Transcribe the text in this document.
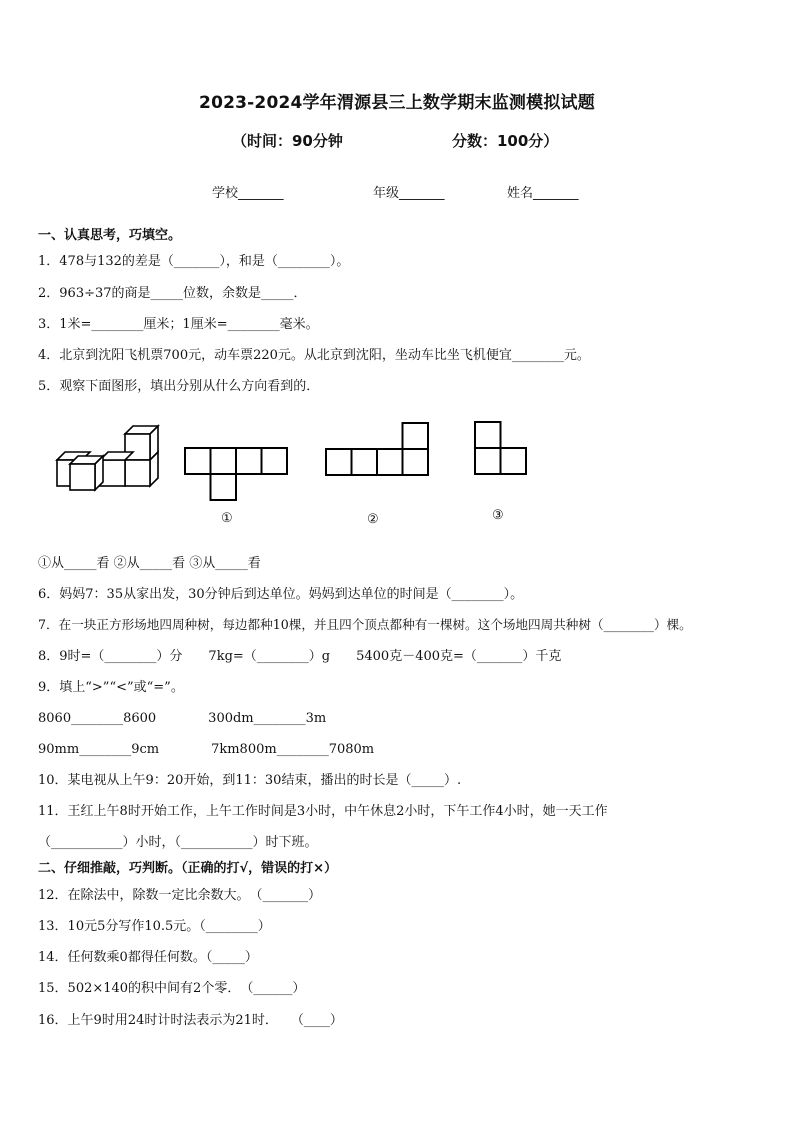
2023-2024学年渭源县三上数学期末监测模拟试题
（时间：90分钟	分数：100分）
学校_______	年级_______	姓名_______
一、认真思考，巧填空。
1．478与132的差是（_______），和是（________）。
2．963÷37的商是_____位数，余数是_____．
3．1米=________厘米；1厘米=________毫米。
4．北京到沈阳飞机票700元，动车票220元。从北京到沈阳，坐动车比坐飞机便宜________元。
5．观察下面图形，填出分别从什么方向看到的．
①	②	③
①从_____看 ②从_____看 ③从_____看
6．妈妈7：35从家出发，30分钟后到达单位。妈妈到达单位的时间是（________）。
7．在一块正方形场地四周种树，每边都种10棵，并且四个顶点都种有一棵树。这个场地四周共种树（________）棵。
8．9时=（________）分　　7kg=（________）g　　5400克－400克=（_______）千克
9．填上“>”“<”或“=”。
8060________8600　　　　300dm________3m
90mm________9cm　　　　7km800m________7080m
10．某电视从上午9：20开始，到11：30结束，播出的时长是（_____）.
11．王红上午8时开始工作，上午工作时间是3小时，中午休息2小时，下午工作4小时，她一天工作
（___________）小时，（___________）时下班。
二、仔细推敲，巧判断。（正确的打√，错误的打×）
12．在除法中，除数一定比余数大。　（_______）
13．10元5分写作10.5元。（________）
14．任何数乘0都得任何数。（_____）
15．502×140的积中间有2个零．　（______）
16．上午9时用24时计时法表示为21时．　　（____）
